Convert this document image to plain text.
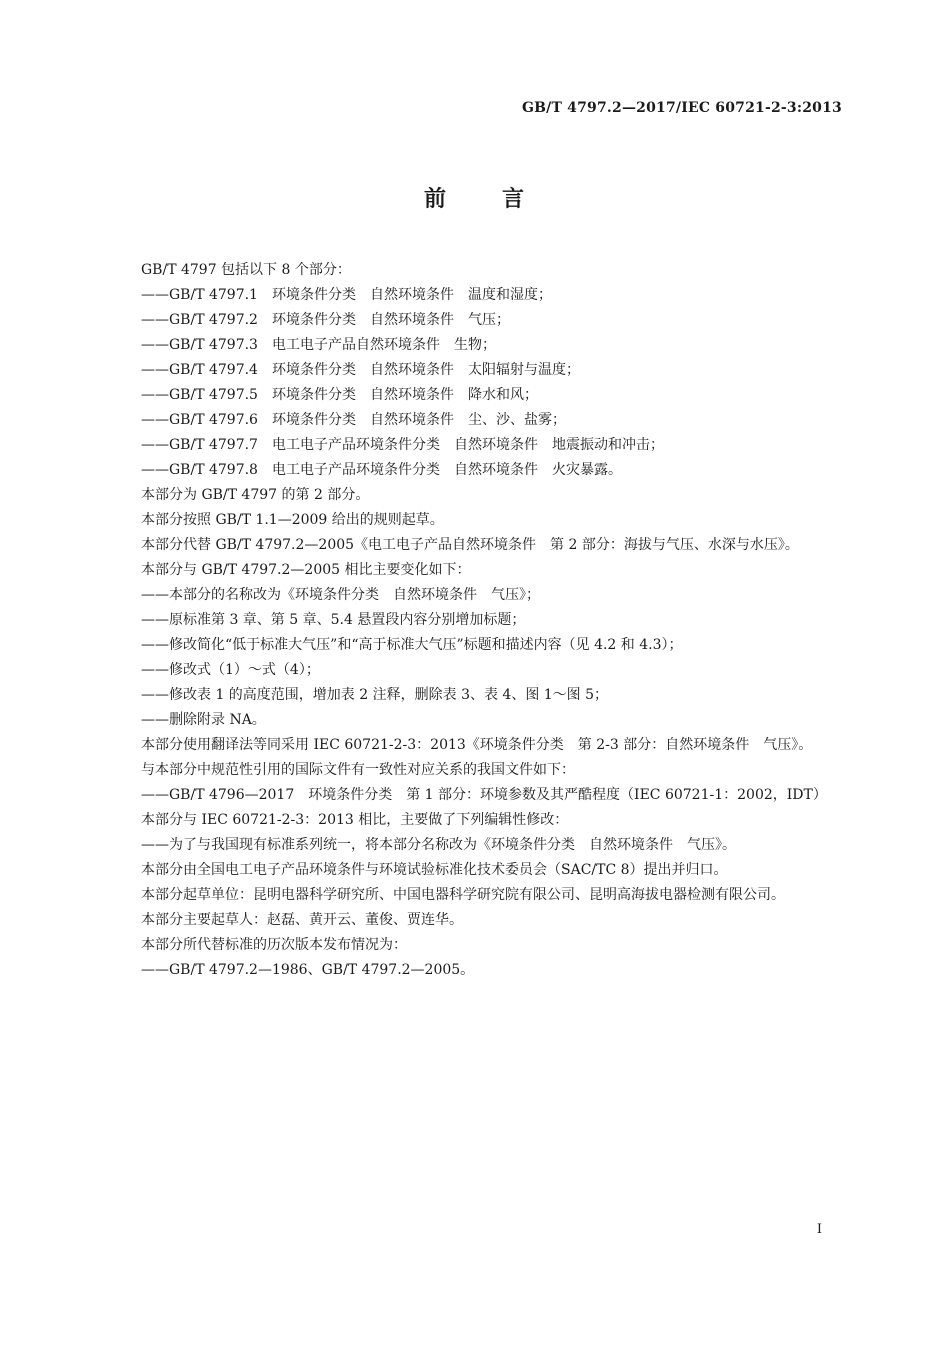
GB/T 4797.2—2017/IEC 60721-2-3:2013
前 言

GB/T 4797 包括以下 8 个部分：

——GB/T 4797.1　环境条件分类　自然环境条件　温度和湿度；

——GB/T 4797.2　环境条件分类　自然环境条件　气压；

——GB/T 4797.3　电工电子产品自然环境条件　生物；

——GB/T 4797.4　环境条件分类　自然环境条件　太阳辐射与温度；

——GB/T 4797.5　环境条件分类　自然环境条件　降水和风；

——GB/T 4797.6　环境条件分类　自然环境条件　尘、沙、盐雾；

——GB/T 4797.7　电工电子产品环境条件分类　自然环境条件　地震振动和冲击；

——GB/T 4797.8　电工电子产品环境条件分类　自然环境条件　火灾暴露。

本部分为 GB/T 4797 的第 2 部分。

本部分按照 GB/T 1.1—2009 给出的规则起草。

本部分代替 GB/T 4797.2—2005《电工电子产品自然环境条件　第 2 部分：海拔与气压、水深与水压》。

本部分与 GB/T 4797.2—2005 相比主要变化如下：

——本部分的名称改为《环境条件分类　自然环境条件　气压》；

——原标准第 3 章、第 5 章、5.4 悬置段内容分别增加标题；

——修改简化“低于标准大气压”和“高于标准大气压”标题和描述内容（见 4.2 和 4.3）；

——修改式（1）～式（4）；

——修改表 1 的高度范围，增加表 2 注释，删除表 3、表 4、图 1～图 5；

——删除附录 NA。

本部分使用翻译法等同采用 IEC 60721-2-3：2013《环境条件分类　第 2-3 部分：自然环境条件　气压》。

与本部分中规范性引用的国际文件有一致性对应关系的我国文件如下：

——GB/T 4796—2017　环境条件分类　第 1 部分：环境参数及其严酷程度（IEC 60721-1：2002，IDT）

本部分与 IEC 60721-2-3：2013 相比，主要做了下列编辑性修改：

——为了与我国现有标准系列统一，将本部分名称改为《环境条件分类　自然环境条件　气压》。

本部分由全国电工电子产品环境条件与环境试验标准化技术委员会（SAC/TC 8）提出并归口。

本部分起草单位：昆明电器科学研究所、中国电器科学研究院有限公司、昆明高海拔电器检测有限公司。

本部分主要起草人：赵磊、黄开云、董俊、贾连华。

本部分所代替标准的历次版本发布情况为：

——GB/T 4797.2—1986、GB/T 4797.2—2005。

I
